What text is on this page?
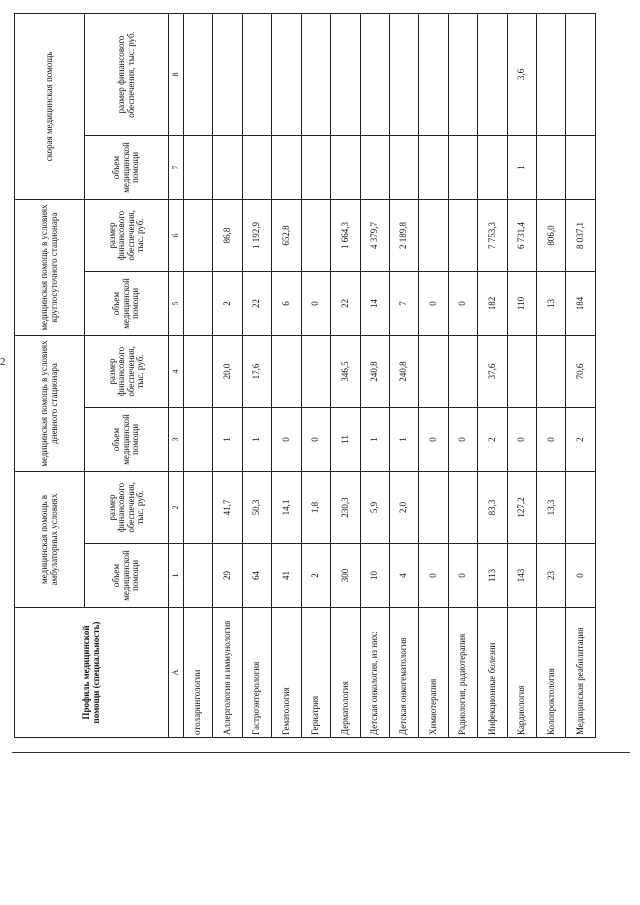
2
Профиль медицинской помощи (специальность)	медицинская помощь в амбулаторных условиях		медицинская помощь в условиях дневного стационара		медицинская помощь в условиях круглосуточного стационара		скорая медицинская помощь	
	объем медицинской помощи	размер финансового обеспечения, тыс. руб.	объем медицинской помощи	размер финансового обеспечения, тыс. руб.	объем медицинской помощи	размер финансового обеспечения, тыс. руб.	объем медицинской помощи	размер финансового обеспечения, тыс. руб.
А	1	2	3	4	5	6	7	8
отоларингологии								
Аллергология и иммунология	29	41,7	1	20,0	2	86,8		
Гастроэнтерология	64	50,3	1	17,6	22	1 192,9		
Гематология	41	14,1	0		6	652,8		
Гериатрия	2	1,8	0		0			
Дерматология	300	230,3	11	346,5	22	1 664,3		
Детская онкология, из них:	10	5,9	1	240,8	14	4 379,7		
Детская онкогематология	4	2,0	1	240,8	7	2 189,8		
Химиотерапия	0		0		0			
Радиология, радиотерапия	0		0		0			
Инфекционные болезни	113	83,3	2	37,6	182	7 753,3		
Кардиология	143	127,2	0		110	6 731,4	1	3,6
Колопроктология	23	13,3	0		13	806,0		
Медицинская реабилитация	0		2	70,6	184	8 037,1		
